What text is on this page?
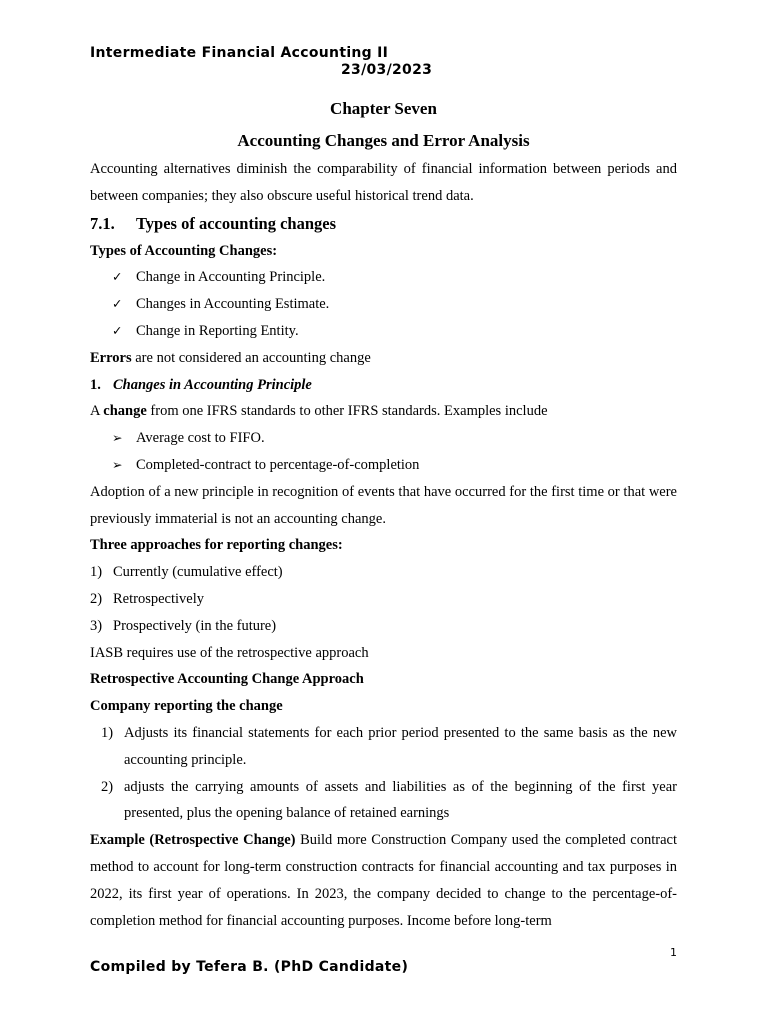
Intermediate Financial Accounting II
23/03/2023
Chapter Seven
Accounting Changes and Error Analysis

Accounting alternatives diminish the comparability of financial information between periods and between companies; they also obscure useful historical trend data.

7.1. Types of accounting changes
Types of Accounting Changes:
✓ Change in Accounting Principle.
✓ Changes in Accounting Estimate.
✓ Change in Reporting Entity.
Errors are not considered an accounting change
1. Changes in Accounting Principle
A change from one IFRS standards to other IFRS standards. Examples include
➢ Average cost to FIFO.
➢ Completed-contract to percentage-of-completion

Adoption of a new principle in recognition of events that have occurred for the first time or that were previously immaterial is not an accounting change.

Three approaches for reporting changes:
1) Currently (cumulative effect)
2) Retrospectively
3) Prospectively (in the future)
IASB requires use of the retrospective approach
Retrospective Accounting Change Approach
Company reporting the change
1) Adjusts its financial statements for each prior period presented to the same basis as the new accounting principle.
2) adjusts the carrying amounts of assets and liabilities as of the beginning of the first year presented, plus the opening balance of retained earnings

Example (Retrospective Change) Build more Construction Company used the completed contract method to account for long-term construction contracts for financial accounting and tax purposes in 2022, its first year of operations. In 2023, the company decided to change to the percentage-of-completion method for financial accounting purposes. Income before long-term

1
Compiled by Tefera B. (PhD Candidate)
